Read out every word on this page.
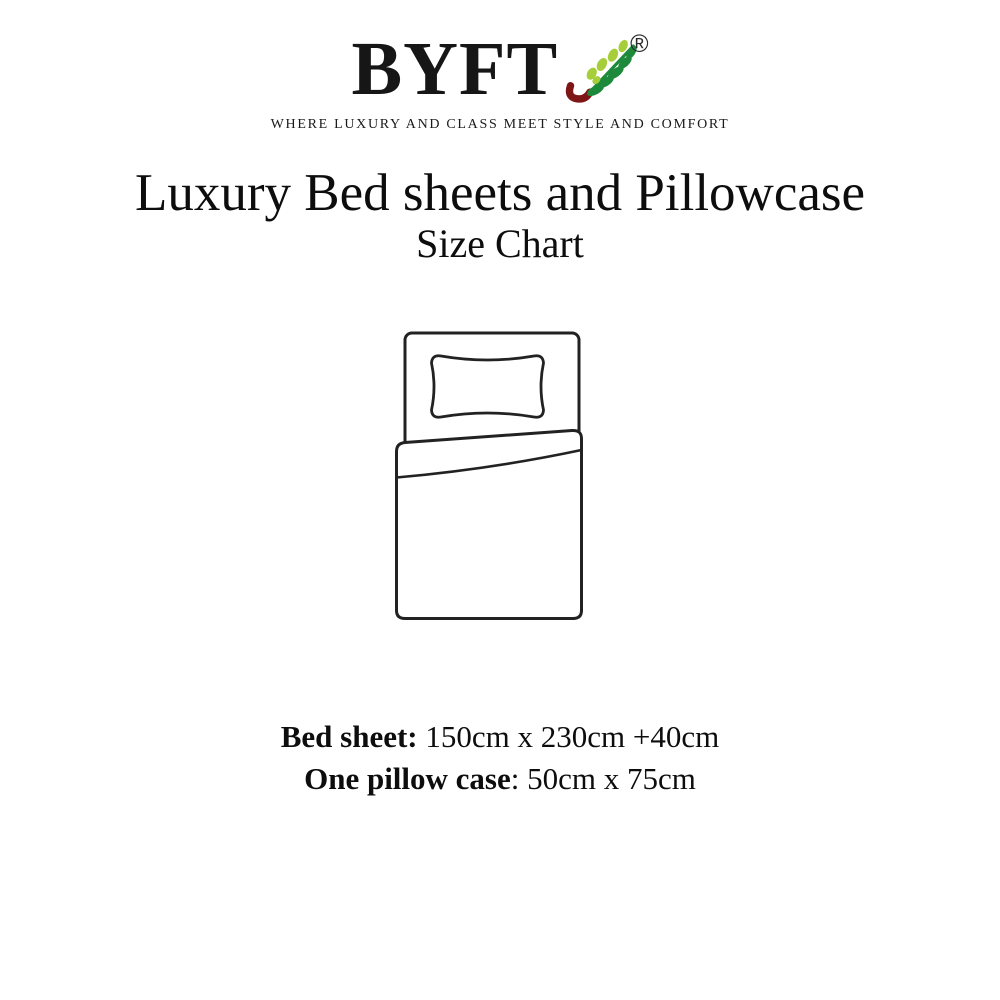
BYFT	®
WHERE LUXURY AND CLASS MEET STYLE AND COMFORT
Luxury Bed sheets and Pillowcase
Size Chart
Bed sheet: 150cm x 230cm +40cm
One pillow case: 50cm x 75cm
